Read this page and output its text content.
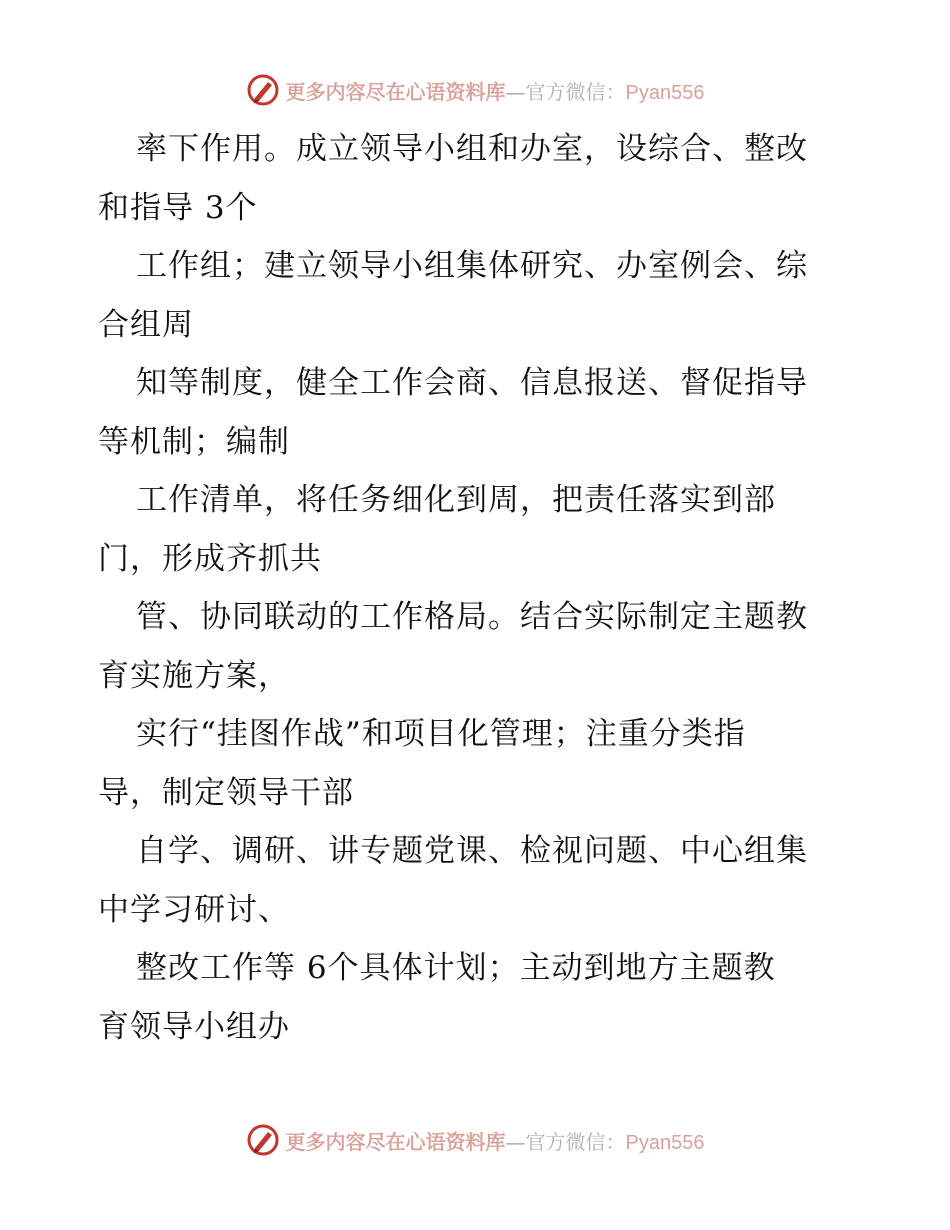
更多内容尽在心语资料库—官方微信：Pyan556
率下作用。成立领导小组和办室，设综合、整改
和指导 3个
工作组；建立领导小组集体研究、办室例会、综
合组周
知等制度，健全工作会商、信息报送、督促指导
等机制；编制
工作清单，将任务细化到周，把责任落实到部
门，形成齐抓共
管、协同联动的工作格局。结合实际制定主题教
育实施方案，
实行“挂图作战”和项目化管理；注重分类指
导，制定领导干部
自学、调研、讲专题党课、检视问题、中心组集
中学习研讨、
整改工作等 6个具体计划；主动到地方主题教
育领导小组办
更多内容尽在心语资料库—官方微信：Pyan556
